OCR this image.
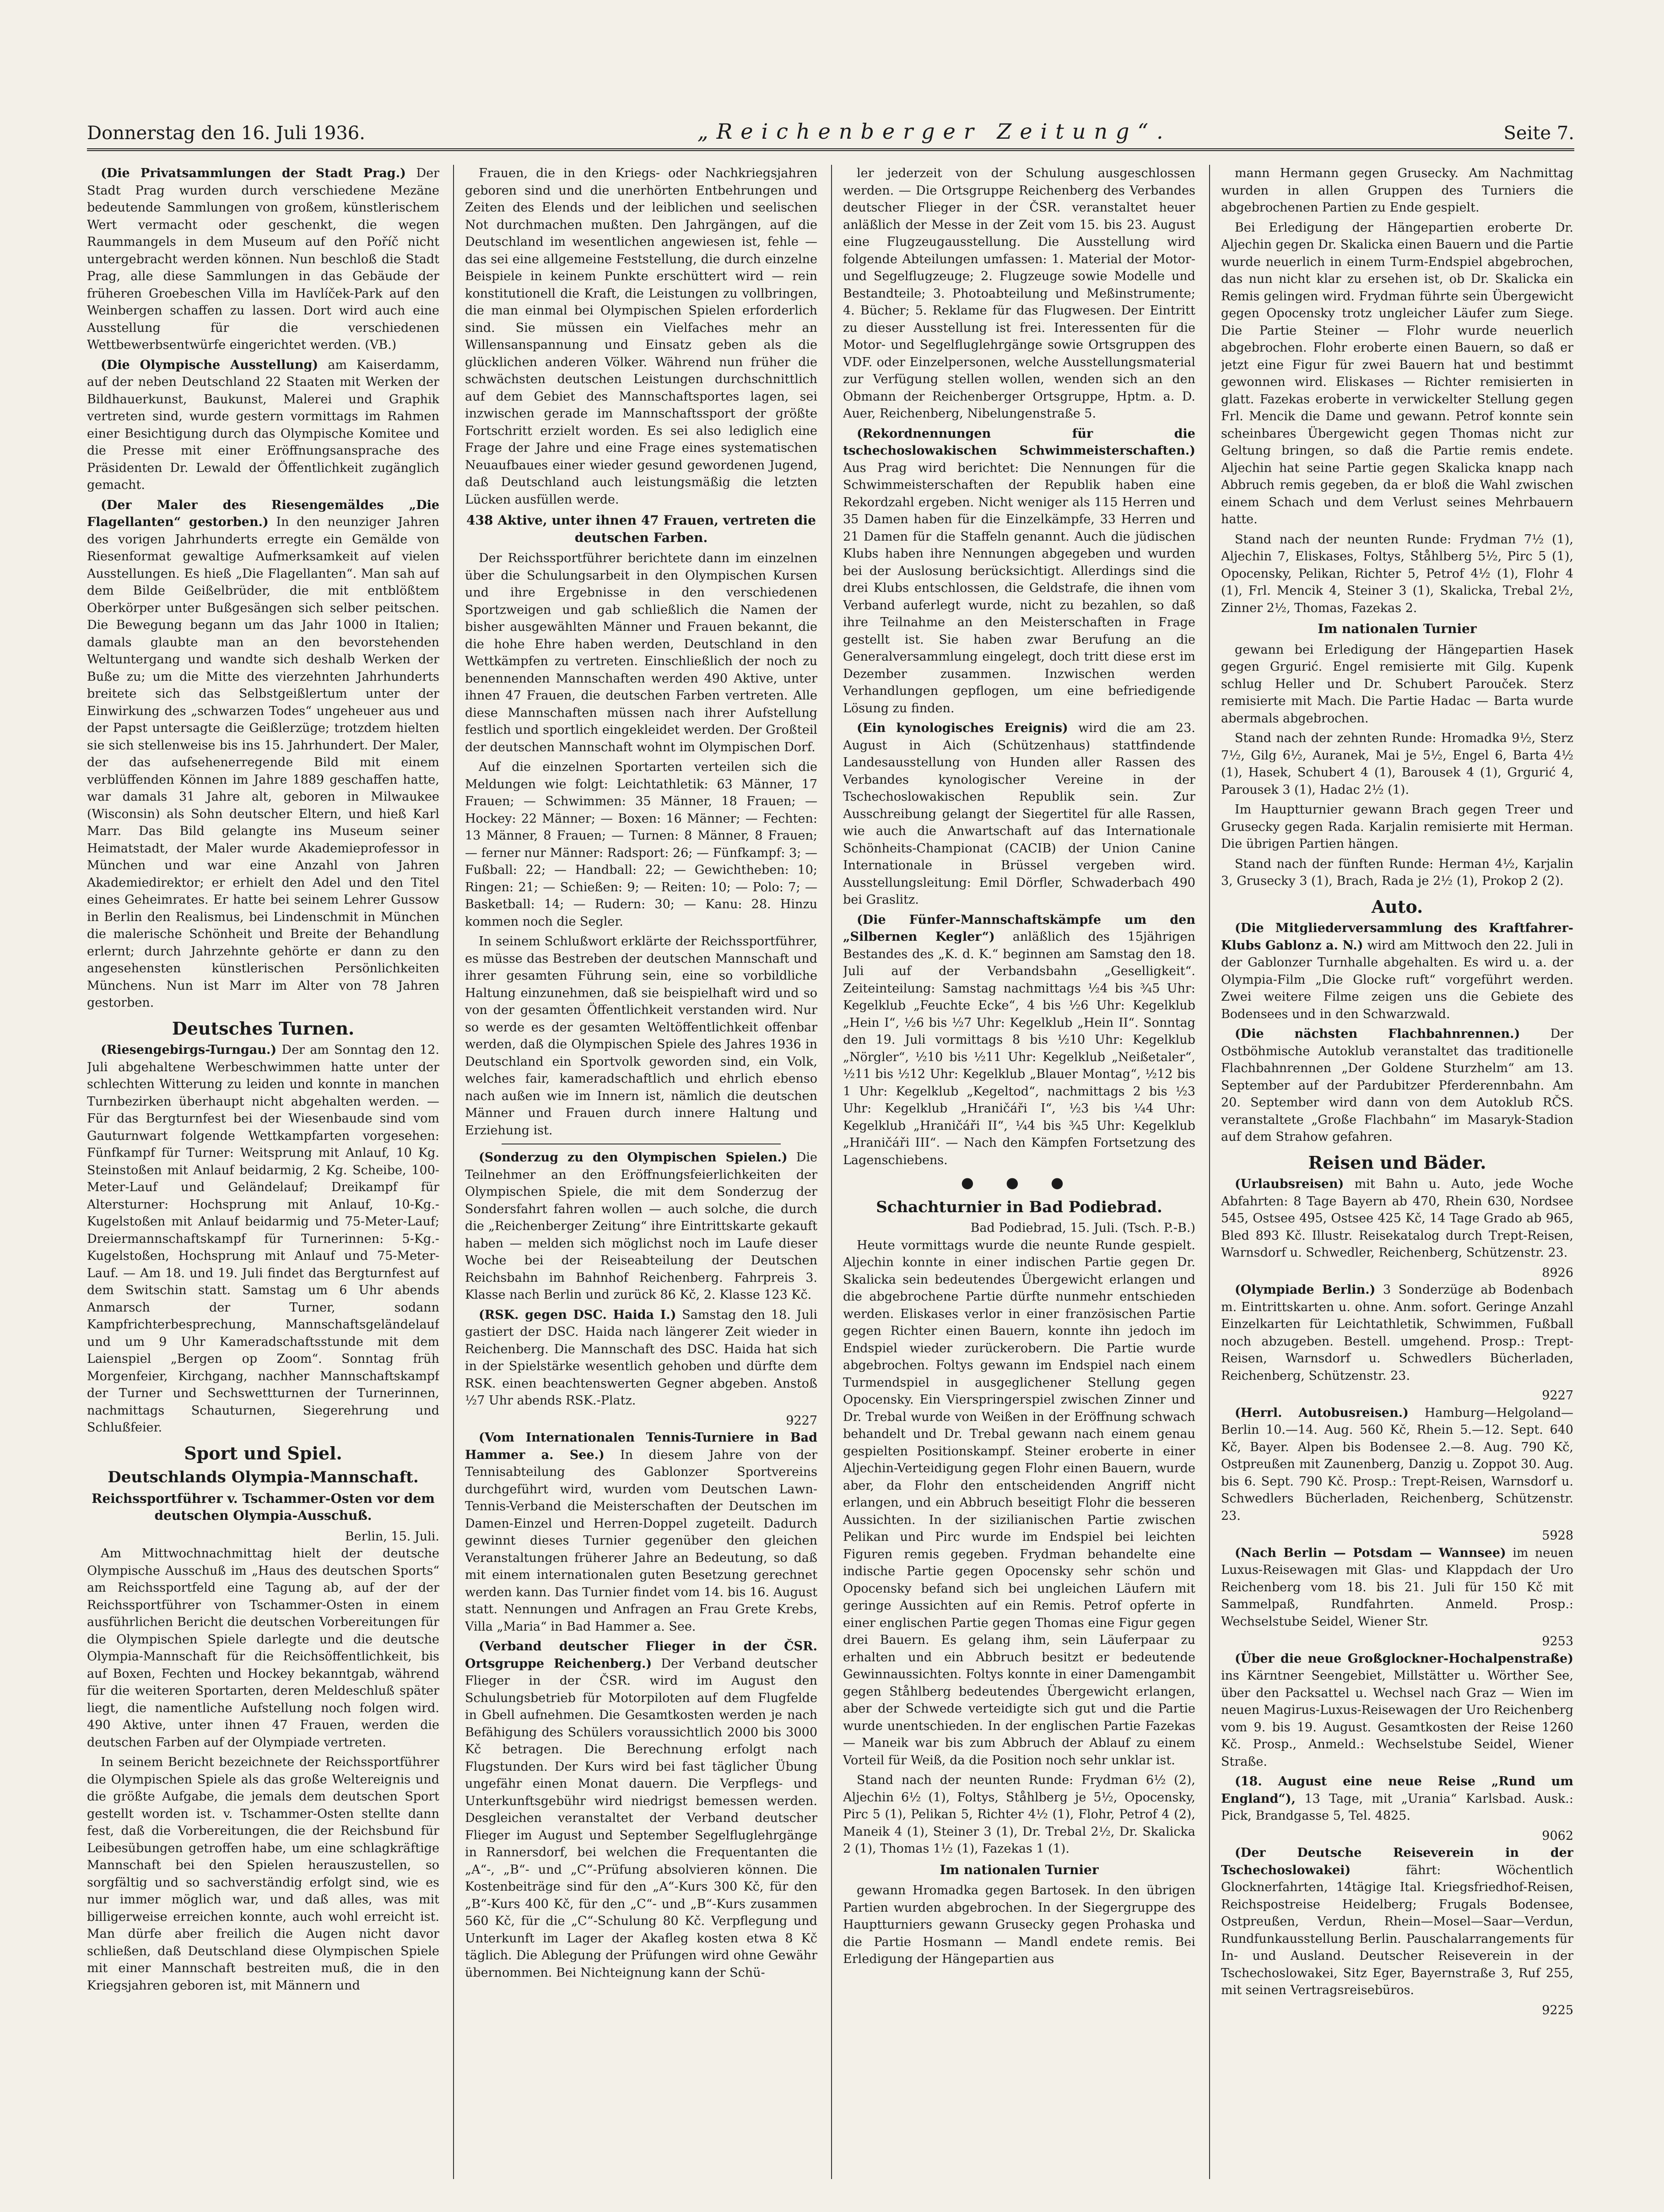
Donnerstag den 16. Juli 1936.	„Reichenberger Zeitung“.	Seite 7.

(Die Privatsammlungen der Stadt Prag.) Der Stadt Prag wurden durch verschiedene Mezäne bedeutende Sammlungen von großem, künstlerischem Wert vermacht oder geschenkt, die wegen Raummangels in dem Museum auf den Poříč nicht untergebracht werden können. Nun beschloß die Stadt Prag, alle diese Sammlungen in das Gebäude der früheren Groebeschen Villa im Havlíček-Park auf den Weinbergen schaffen zu lassen. Dort wird auch eine Ausstellung für die verschiedenen Wettbewerbsentwürfe eingerichtet werden. (VB.)

(Die Olympische Ausstellung) am Kaiserdamm, auf der neben Deutschland 22 Staaten mit Werken der Bildhauerkunst, Baukunst, Malerei und Graphik vertreten sind, wurde gestern vormittags im Rahmen einer Besichtigung durch das Olympische Komitee und die Presse mit einer Eröffnungsansprache des Präsidenten Dr. Lewald der Öffentlichkeit zugänglich gemacht.

(Der Maler des Riesengemäldes „Die Flagellanten“ gestorben.) In den neunziger Jahren des vorigen Jahrhunderts erregte ein Gemälde von Riesenformat gewaltige Aufmerksamkeit auf vielen Ausstellungen. Es hieß „Die Flagellanten“. Man sah auf dem Bilde Geißelbrüder, die mit entblößtem Oberkörper unter Bußgesängen sich selber peitschen. Die Bewegung begann um das Jahr 1000 in Italien; damals glaubte man an den bevorstehenden Weltuntergang und wandte sich deshalb Werken der Buße zu; um die Mitte des vierzehnten Jahrhunderts breitete sich das Selbstgeißlertum unter der Einwirkung des „schwarzen Todes“ ungeheuer aus und der Papst untersagte die Geißlerzüge; trotzdem hielten sie sich stellenweise bis ins 15. Jahrhundert. Der Maler, der das aufsehenerregende Bild mit einem verblüffenden Können im Jahre 1889 geschaffen hatte, war damals 31 Jahre alt, geboren in Milwaukee (Wisconsin) als Sohn deutscher Eltern, und hieß Karl Marr. Das Bild gelangte ins Museum seiner Heimatstadt, der Maler wurde Akademieprofessor in München und war eine Anzahl von Jahren Akademiedirektor; er erhielt den Adel und den Titel eines Geheimrates. Er hatte bei seinem Lehrer Gussow in Berlin den Realismus, bei Lindenschmit in München die malerische Schönheit und Breite der Behandlung erlernt; durch Jahrzehnte gehörte er dann zu den angesehensten künstlerischen Persönlichkeiten Münchens. Nun ist Marr im Alter von 78 Jahren gestorben.

Deutsches Turnen.

(Riesengebirgs-Turngau.) Der am Sonntag den 12. Juli abgehaltene Werbeschwimmen hatte unter der schlechten Witterung zu leiden und konnte in manchen Turnbezirken überhaupt nicht abgehalten werden. — Für das Bergturnfest bei der Wiesenbaude sind vom Gauturnwart folgende Wettkampfarten vorgesehen: Fünfkampf für Turner: Weitsprung mit Anlauf, 10 Kg. Steinstoßen mit Anlauf beidarmig, 2 Kg. Scheibe, 100-Meter-Lauf und Geländelauf; Dreikampf für Altersturner: Hochsprung mit Anlauf, 10-Kg.-Kugelstoßen mit Anlauf beidarmig und 75-Meter-Lauf; Dreiermannschaftskampf für Turnerinnen: 5-Kg.-Kugelstoßen, Hochsprung mit Anlauf und 75-Meter-Lauf. — Am 18. und 19. Juli findet das Bergturnfest auf dem Switschin statt. Samstag um 6 Uhr abends Anmarsch der Turner, sodann Kampfrichterbesprechung, Mannschaftsgeländelauf und um 9 Uhr Kameradschaftsstunde mit dem Laienspiel „Bergen op Zoom“. Sonntag früh Morgenfeier, Kirchgang, nachher Mannschaftskampf der Turner und Sechswettturnen der Turnerinnen, nachmittags Schauturnen, Siegerehrung und Schlußfeier.

Sport und Spiel.
Deutschlands Olympia-Mannschaft.
Reichssportführer v. Tschammer-Osten vor dem deutschen Olympia-Ausschuß.
Berlin, 15. Juli.

Am Mittwochnachmittag hielt der deutsche Olympische Ausschuß im „Haus des deutschen Sports“ am Reichssportfeld eine Tagung ab, auf der der Reichssportführer von Tschammer-Osten in einem ausführlichen Bericht die deutschen Vorbereitungen für die Olympischen Spiele darlegte und die deutsche Olympia-Mannschaft für die Reichsöffentlichkeit, bis auf Boxen, Fechten und Hockey bekanntgab, während für die weiteren Sportarten, deren Meldeschluß später liegt, die namentliche Aufstellung noch folgen wird. 490 Aktive, unter ihnen 47 Frauen, werden die deutschen Farben auf der Olympiade vertreten.

In seinem Bericht bezeichnete der Reichssportführer die Olympischen Spiele als das große Weltereignis und die größte Aufgabe, die jemals dem deutschen Sport gestellt worden ist. v. Tschammer-Osten stellte dann fest, daß die Vorbereitungen, die der Reichsbund für Leibesübungen getroffen habe, um eine schlagkräftige Mannschaft bei den Spielen herauszustellen, so sorgfältig und so sachverständig erfolgt sind, wie es nur immer möglich war, und daß alles, was mit billigerweise erreichen konnte, auch wohl erreicht ist. Man dürfe aber freilich die Augen nicht davor schließen, daß Deutschland diese Olympischen Spiele mit einer Mannschaft bestreiten muß, die in den Kriegsjahren geboren ist, mit Männern und

Frauen, die in den Kriegs- oder Nachkriegsjahren geboren sind und die unerhörten Entbehrungen und Zeiten des Elends und der leiblichen und seelischen Not durchmachen mußten. Den Jahrgängen, auf die Deutschland im wesentlichen angewiesen ist, fehle — das sei eine allgemeine Feststellung, die durch einzelne Beispiele in keinem Punkte erschüttert wird — rein konstitutionell die Kraft, die Leistungen zu vollbringen, die man einmal bei Olympischen Spielen erforderlich sind. Sie müssen ein Vielfaches mehr an Willensanspannung und Einsatz geben als die glücklichen anderen Völker. Während nun früher die schwächsten deutschen Leistungen durchschnittlich auf dem Gebiet des Mannschaftsportes lagen, sei inzwischen gerade im Mannschaftssport der größte Fortschritt erzielt worden. Es sei also lediglich eine Frage der Jahre und eine Frage eines systematischen Neuaufbaues einer wieder gesund gewordenen Jugend, daß Deutschland auch leistungsmäßig die letzten Lücken ausfüllen werde.

438 Aktive, unter ihnen 47 Frauen, vertreten die deutschen Farben.

Der Reichssportführer berichtete dann im einzelnen über die Schulungsarbeit in den Olympischen Kursen und ihre Ergebnisse in den verschiedenen Sportzweigen und gab schließlich die Namen der bisher ausgewählten Männer und Frauen bekannt, die die hohe Ehre haben werden, Deutschland in den Wettkämpfen zu vertreten. Einschließlich der noch zu benennenden Mannschaften werden 490 Aktive, unter ihnen 47 Frauen, die deutschen Farben vertreten. Alle diese Mannschaften müssen nach ihrer Aufstellung festlich und sportlich eingekleidet werden. Der Großteil der deutschen Mannschaft wohnt im Olympischen Dorf.

Auf die einzelnen Sportarten verteilen sich die Meldungen wie folgt: Leichtathletik: 63 Männer, 17 Frauen; — Schwimmen: 35 Männer, 18 Frauen; — Hockey: 22 Männer; — Boxen: 16 Männer; — Fechten: 13 Männer, 8 Frauen; — Turnen: 8 Männer, 8 Frauen; — ferner nur Männer: Radsport: 26; — Fünfkampf: 3; — Fußball: 22; — Handball: 22; — Gewichtheben: 10; Ringen: 21; — Schießen: 9; — Reiten: 10; — Polo: 7; — Basketball: 14; — Rudern: 30; — Kanu: 28. Hinzu kommen noch die Segler.

In seinem Schlußwort erklärte der Reichssportführer, es müsse das Bestreben der deutschen Mannschaft und ihrer gesamten Führung sein, eine so vorbildliche Haltung einzunehmen, daß sie beispielhaft wird und so von der gesamten Öffentlichkeit verstanden wird. Nur so werde es der gesamten Weltöffentlichkeit offenbar werden, daß die Olympischen Spiele des Jahres 1936 in Deutschland ein Sportvolk geworden sind, ein Volk, welches fair, kameradschaftlich und ehrlich ebenso nach außen wie im Innern ist, nämlich die deutschen Männer und Frauen durch innere Haltung und Erziehung ist.

(Sonderzug zu den Olympischen Spielen.) Die Teilnehmer an den Eröffnungsfeierlichkeiten der Olympischen Spiele, die mit dem Sonderzug der Sondersfahrt fahren wollen — auch solche, die durch die „Reichenberger Zeitung“ ihre Eintrittskarte gekauft haben — melden sich möglichst noch im Laufe dieser Woche bei der Reiseabteilung der Deutschen Reichsbahn im Bahnhof Reichenberg. Fahrpreis 3. Klasse nach Berlin und zurück 86 Kč, 2. Klasse 123 Kč.

(RSK. gegen DSC. Haida I.) Samstag den 18. Juli gastiert der DSC. Haida nach längerer Zeit wieder in Reichenberg. Die Mannschaft des DSC. Haida hat sich in der Spielstärke wesentlich gehoben und dürfte dem RSK. einen beachtenswerten Gegner abgeben. Anstoß ½7 Uhr abends RSK.-Platz.

9227

(Vom Internationalen Tennis-Turniere in Bad Hammer a. See.) In diesem Jahre von der Tennisabteilung des Gablonzer Sportvereins durchgeführt wird, wurden vom Deutschen Lawn-Tennis-Verband die Meisterschaften der Deutschen im Damen-Einzel und Herren-Doppel zugeteilt. Dadurch gewinnt dieses Turnier gegenüber den gleichen Veranstaltungen früherer Jahre an Bedeutung, so daß mit einem internationalen guten Besetzung gerechnet werden kann. Das Turnier findet vom 14. bis 16. August statt. Nennungen und Anfragen an Frau Grete Krebs, Villa „Maria“ in Bad Hammer a. See.

(Verband deutscher Flieger in der ČSR. Ortsgruppe Reichenberg.) Der Verband deutscher Flieger in der ČSR. wird im August den Schulungsbetrieb für Motorpiloten auf dem Flugfelde in Gbell aufnehmen. Die Gesamtkosten werden je nach Befähigung des Schülers voraussichtlich 2000 bis 3000 Kč betragen. Die Berechnung erfolgt nach Flugstunden. Der Kurs wird bei fast täglicher Übung ungefähr einen Monat dauern. Die Verpflegs- und Unterkunftsgebühr wird niedrigst bemessen werden. Desgleichen veranstaltet der Verband deutscher Flieger im August und September Segelfluglehrgänge in Rannersdorf, bei welchen die Frequentanten die „A“-, „B“- und „C“-Prüfung absolvieren können. Die Kostenbeiträge sind für den „A“-Kurs 300 Kč, für den „B“-Kurs 400 Kč, für den „C“- und „B“-Kurs zusammen 560 Kč, für die „C“-Schulung 80 Kč. Verpflegung und Unterkunft im Lager der Akafleg kosten etwa 8 Kč täglich. Die Ablegung der Prüfungen wird ohne Gewähr übernommen. Bei Nichteignung kann der Schü-

ler jederzeit von der Schulung ausgeschlossen werden. — Die Ortsgruppe Reichenberg des Verbandes deutscher Flieger in der ČSR. veranstaltet heuer anläßlich der Messe in der Zeit vom 15. bis 23. August eine Flugzeugausstellung. Die Ausstellung wird folgende Abteilungen umfassen: 1. Material der Motor- und Segelflugzeuge; 2. Flugzeuge sowie Modelle und Bestandteile; 3. Photoabteilung und Meßinstrumente; 4. Bücher; 5. Reklame für das Flugwesen. Der Eintritt zu dieser Ausstellung ist frei. Interessenten für die Motor- und Segelfluglehrgänge sowie Ortsgruppen des VDF. oder Einzelpersonen, welche Ausstellungsmaterial zur Verfügung stellen wollen, wenden sich an den Obmann der Reichenberger Ortsgruppe, Hptm. a. D. Auer, Reichenberg, Nibelungenstraße 5.

(Rekordnennungen für die tschechoslowakischen Schwimmeisterschaften.) Aus Prag wird berichtet: Die Nennungen für die Schwimmeisterschaften der Republik haben eine Rekordzahl ergeben. Nicht weniger als 115 Herren und 35 Damen haben für die Einzelkämpfe, 33 Herren und 21 Damen für die Staffeln genannt. Auch die jüdischen Klubs haben ihre Nennungen abgegeben und wurden bei der Auslosung berücksichtigt. Allerdings sind die drei Klubs entschlossen, die Geldstrafe, die ihnen vom Verband auferlegt wurde, nicht zu bezahlen, so daß ihre Teilnahme an den Meisterschaften in Frage gestellt ist. Sie haben zwar Berufung an die Generalversammlung eingelegt, doch tritt diese erst im Dezember zusammen. Inzwischen werden Verhandlungen gepflogen, um eine befriedigende Lösung zu finden.

(Ein kynologisches Ereignis) wird die am 23. August in Aich (Schützenhaus) stattfindende Landesausstellung von Hunden aller Rassen des Verbandes kynologischer Vereine in der Tschechoslowakischen Republik sein. Zur Ausschreibung gelangt der Siegertitel für alle Rassen, wie auch die Anwartschaft auf das Internationale Schönheits-Championat (CACIB) der Union Canine Internationale in Brüssel vergeben wird. Ausstellungsleitung: Emil Dörfler, Schwaderbach 490 bei Graslitz.

(Die Fünfer-Mannschaftskämpfe um den „Silbernen Kegler“) anläßlich des 15jährigen Bestandes des „K. d. K.“ beginnen am Samstag den 18. Juli auf der Verbandsbahn „Geselligkeit“. Zeiteinteilung: Samstag nachmittags ½4 bis ¾5 Uhr: Kegelklub „Feuchte Ecke“, 4 bis ½6 Uhr: Kegelklub „Hein I“, ½6 bis ½7 Uhr: Kegelklub „Hein II“. Sonntag den 19. Juli vormittags 8 bis ½10 Uhr: Kegelklub „Nörgler“, ½10 bis ½11 Uhr: Kegelklub „Neißetaler“, ½11 bis ½12 Uhr: Kegelklub „Blauer Montag“, ½12 bis 1 Uhr: Kegelklub „Kegeltod“, nachmittags 2 bis ½3 Uhr: Kegelklub „Hraničáři I“, ½3 bis ¼4 Uhr: Kegelklub „Hraničáři II“, ¼4 bis ¾5 Uhr: Kegelklub „Hraničáři III“. — Nach den Kämpfen Fortsetzung des Lagenschiebens.

● ● ●
Schachturnier in Bad Podiebrad.
Bad Podiebrad, 15. Juli. (Tsch. P.-B.)

Heute vormittags wurde die neunte Runde gespielt. Aljechin konnte in einer indischen Partie gegen Dr. Skalicka sein bedeutendes Übergewicht erlangen und die abgebrochene Partie dürfte nunmehr entschieden werden. Eliskases verlor in einer französischen Partie gegen Richter einen Bauern, konnte ihn jedoch im Endspiel wieder zurückerobern. Die Partie wurde abgebrochen. Foltys gewann im Endspiel nach einem Turmendspiel in ausgeglichener Stellung gegen Opocensky. Ein Vierspringerspiel zwischen Zinner und Dr. Trebal wurde von Weißen in der Eröffnung schwach behandelt und Dr. Trebal gewann nach einem genau gespielten Positionskampf. Steiner eroberte in einer Aljechin-Verteidigung gegen Flohr einen Bauern, wurde aber, da Flohr den entscheidenden Angriff nicht erlangen, und ein Abbruch beseitigt Flohr die besseren Aussichten. In der sizilianischen Partie zwischen Pelikan und Pirc wurde im Endspiel bei leichten Figuren remis gegeben. Frydman behandelte eine indische Partie gegen Opocensky sehr schön und Opocensky befand sich bei ungleichen Läufern mit geringe Aussichten auf ein Remis. Petrof opferte in einer englischen Partie gegen Thomas eine Figur gegen drei Bauern. Es gelang ihm, sein Läuferpaar zu erhalten und ein Abbruch besitzt er bedeutende Gewinnaussichten. Foltys konnte in einer Damengambit gegen Ståhlberg bedeutendes Übergewicht erlangen, aber der Schwede verteidigte sich gut und die Partie wurde unentschieden. In der englischen Partie Fazekas — Maneik war bis zum Abbruch der Ablauf zu einem Vorteil für Weiß, da die Position noch sehr unklar ist.

Stand nach der neunten Runde: Frydman 6½ (2), Aljechin 6½ (1), Foltys, Ståhlberg je 5½, Opocensky, Pirc 5 (1), Pelikan 5, Richter 4½ (1), Flohr, Petrof 4 (2), Maneik 4 (1), Steiner 3 (1), Dr. Trebal 2½, Dr. Skalicka 2 (1), Thomas 1½ (1), Fazekas 1 (1).

Im nationalen Turnier

gewann Hromadka gegen Bartosek. In den übrigen Partien wurden abgebrochen. In der Siegergruppe des Hauptturniers gewann Grusecky gegen Prohaska und die Partie Hosmann — Mandl endete remis. Bei Erledigung der Hängepartien aus

mann Hermann gegen Grusecky. Am Nachmittag wurden in allen Gruppen des Turniers die abgebrochenen Partien zu Ende gespielt.

Bei Erledigung der Hängepartien eroberte Dr. Aljechin gegen Dr. Skalicka einen Bauern und die Partie wurde neuerlich in einem Turm-Endspiel abgebrochen, das nun nicht klar zu ersehen ist, ob Dr. Skalicka ein Remis gelingen wird. Frydman führte sein Übergewicht gegen Opocensky trotz ungleicher Läufer zum Siege. Die Partie Steiner — Flohr wurde neuerlich abgebrochen. Flohr eroberte einen Bauern, so daß er jetzt eine Figur für zwei Bauern hat und bestimmt gewonnen wird. Eliskases — Richter remisierten in glatt. Fazekas eroberte in verwickelter Stellung gegen Frl. Mencik die Dame und gewann. Petrof konnte sein scheinbares Übergewicht gegen Thomas nicht zur Geltung bringen, so daß die Partie remis endete. Aljechin hat seine Partie gegen Skalicka knapp nach Abbruch remis gegeben, da er bloß die Wahl zwischen einem Schach und dem Verlust seines Mehrbauern hatte.

Stand nach der neunten Runde: Frydman 7½ (1), Aljechin 7, Eliskases, Foltys, Ståhlberg 5½, Pirc 5 (1), Opocensky, Pelikan, Richter 5, Petrof 4½ (1), Flohr 4 (1), Frl. Mencik 4, Steiner 3 (1), Skalicka, Trebal 2½, Zinner 2½, Thomas, Fazekas 2.

Im nationalen Turnier

gewann bei Erledigung der Hängepartien Hasek gegen Grgurić. Engel remisierte mit Gilg. Kupenk schlug Heller und Dr. Schubert Parouček. Sterz remisierte mit Mach. Die Partie Hadac — Barta wurde abermals abgebrochen.

Stand nach der zehnten Runde: Hromadka 9½, Sterz 7½, Gilg 6½, Auranek, Mai je 5½, Engel 6, Barta 4½ (1), Hasek, Schubert 4 (1), Barousek 4 (1), Grgurić 4, Parousek 3 (1), Hadac 2½ (1).

Im Hauptturnier gewann Brach gegen Treer und Grusecky gegen Rada. Karjalin remisierte mit Herman. Die übrigen Partien hängen.

Stand nach der fünften Runde: Herman 4½, Karjalin 3, Grusecky 3 (1), Brach, Rada je 2½ (1), Prokop 2 (2).

Auto.

(Die Mitgliederversammlung des Kraftfahrer-Klubs Gablonz a. N.) wird am Mittwoch den 22. Juli in der Gablonzer Turnhalle abgehalten. Es wird u. a. der Olympia-Film „Die Glocke ruft“ vorgeführt werden. Zwei weitere Filme zeigen uns die Gebiete des Bodensees und in den Schwarzwald.

(Die nächsten Flachbahnrennen.) Der Ostböhmische Autoklub veranstaltet das traditionelle Flachbahnrennen „Der Goldene Sturzhelm“ am 13. September auf der Pardubitzer Pferderennbahn. Am 20. September wird dann von dem Autoklub RČS. veranstaltete „Große Flachbahn“ im Masaryk-Stadion auf dem Strahow gefahren.

Reisen und Bäder.

(Urlaubsreisen) mit Bahn u. Auto, jede Woche Abfahrten: 8 Tage Bayern ab 470, Rhein 630, Nordsee 545, Ostsee 495, Ostsee 425 Kč, 14 Tage Grado ab 965, Bled 893 Kč. Illustr. Reisekatalog durch Trept-Reisen, Warnsdorf u. Schwedler, Reichenberg, Schützenstr. 23.

8926

(Olympiade Berlin.) 3 Sonderzüge ab Bodenbach m. Eintrittskarten u. ohne. Anm. sofort. Geringe Anzahl Einzelkarten für Leichtathletik, Schwimmen, Fußball noch abzugeben. Bestell. umgehend. Prosp.: Trept-Reisen, Warnsdorf u. Schwedlers Bücherladen, Reichenberg, Schützenstr. 23.

9227

(Herrl. Autobusreisen.) Hamburg—Helgoland—Berlin 10.—14. Aug. 560 Kč, Rhein 5.—12. Sept. 640 Kč, Bayer. Alpen bis Bodensee 2.—8. Aug. 790 Kč, Ostpreußen mit Zaunenberg, Danzig u. Zoppot 30. Aug. bis 6. Sept. 790 Kč. Prosp.: Trept-Reisen, Warnsdorf u. Schwedlers Bücherladen, Reichenberg, Schützenstr. 23.

5928

(Nach Berlin — Potsdam — Wannsee) im neuen Luxus-Reisewagen mit Glas- und Klappdach der Uro Reichenberg vom 18. bis 21. Juli für 150 Kč mit Sammelpaß, Rundfahrten. Anmeld. Prosp.: Wechselstube Seidel, Wiener Str.

9253

(Über die neue Großglockner-Hochalpenstraße) ins Kärntner Seengebiet, Millstätter u. Wörther See, über den Packsattel u. Wechsel nach Graz — Wien im neuen Magirus-Luxus-Reisewagen der Uro Reichenberg vom 9. bis 19. August. Gesamtkosten der Reise 1260 Kč. Prosp., Anmeld.: Wechselstube Seidel, Wiener Straße.

(18. August eine neue Reise „Rund um England“), 13 Tage, mit „Urania“ Karlsbad. Ausk.: Pick, Brandgasse 5, Tel. 4825.

9062

(Der Deutsche Reiseverein in der Tschechoslowakei)	fährt: Wöchentlich Glocknerfahrten, 14tägige Ital. Kriegsfriedhof-Reisen, Reichspostreise Heidelberg; Frugals Bodensee, Ostpreußen, Verdun, Rhein—Mosel—Saar—Verdun, Rundfunkausstellung Berlin. Pauschalarrangements für In- und Ausland. Deutscher Reiseverein in der Tschechoslowakei, Sitz Eger, Bayernstraße 3, Ruf 255, mit seinen Vertragsreisebüros.

9225
